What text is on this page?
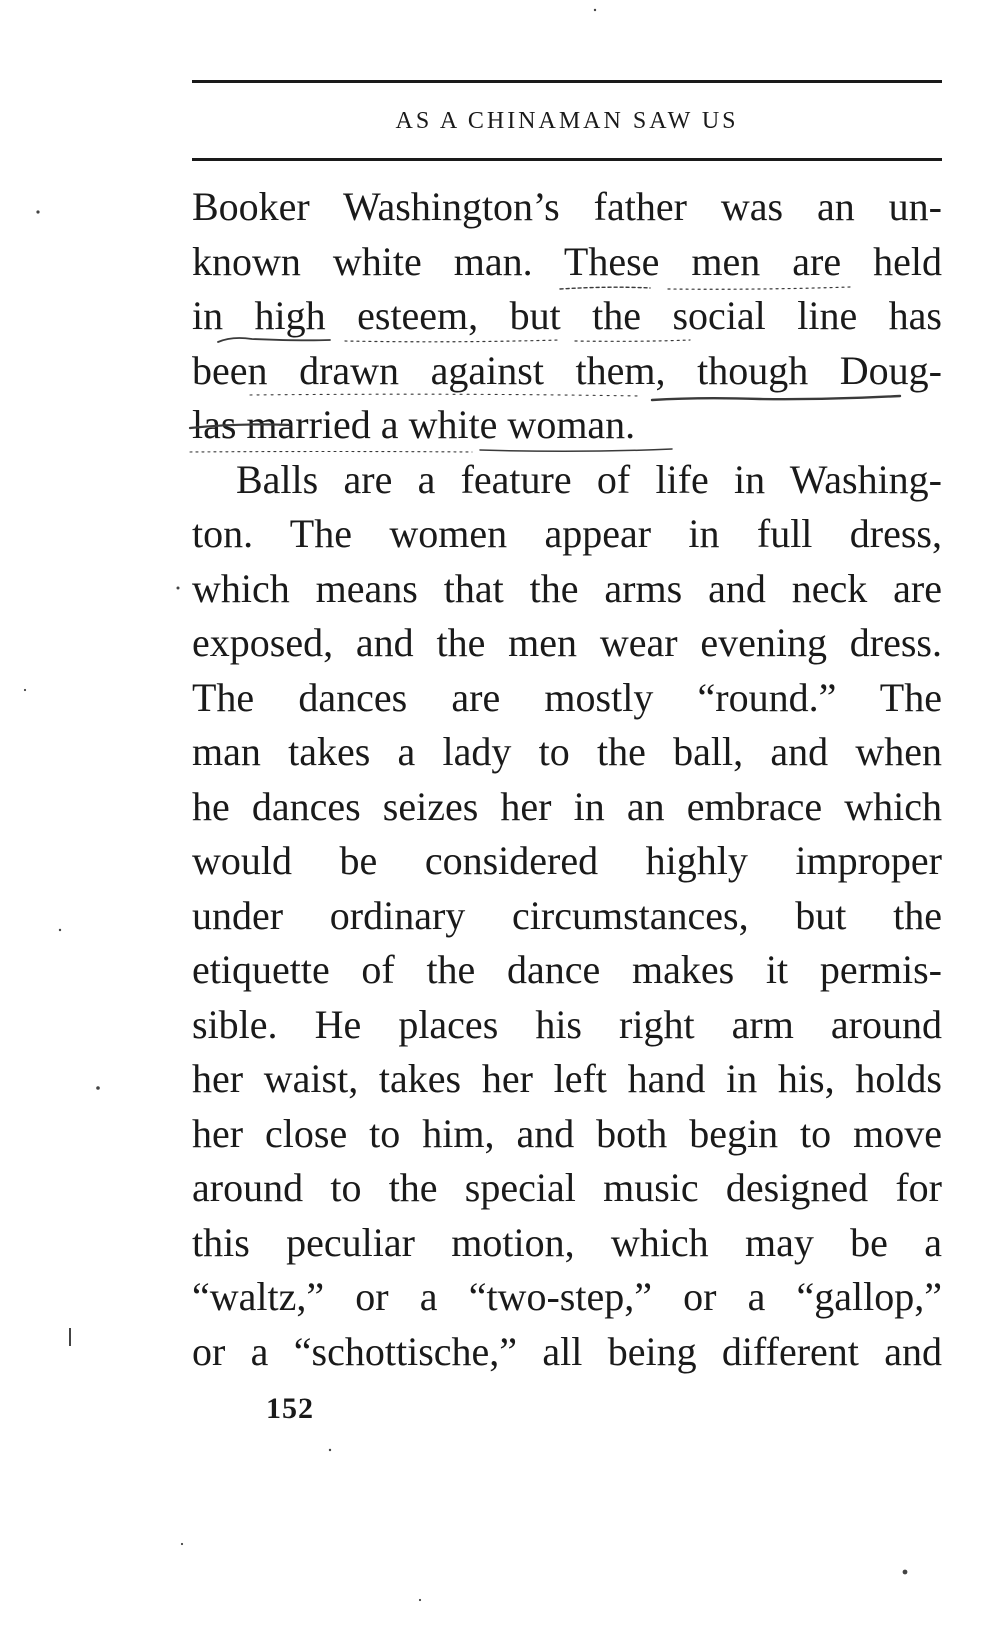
AS A CHINAMAN SAW US
Booker Washington’s father was an un-
known white man. These men are held
in high esteem, but the social line has
been drawn against them, though Doug-
las married a white woman.
Balls are a feature of life in Washing-
ton. The women appear in full dress,
which means that the arms and neck are
exposed, and the men wear evening dress.
The dances are mostly “round.” The
man takes a lady to the ball, and when
he dances seizes her in an embrace which
would be considered highly improper
under ordinary circumstances, but the
etiquette of the dance makes it permis-
sible. He places his right arm around
her waist, takes her left hand in his, holds
her close to him, and both begin to move
around to the special music designed for
this peculiar motion, which may be a
“waltz,” or a “two-step,” or a “gallop,”
or a “schottische,” all being different and
152
